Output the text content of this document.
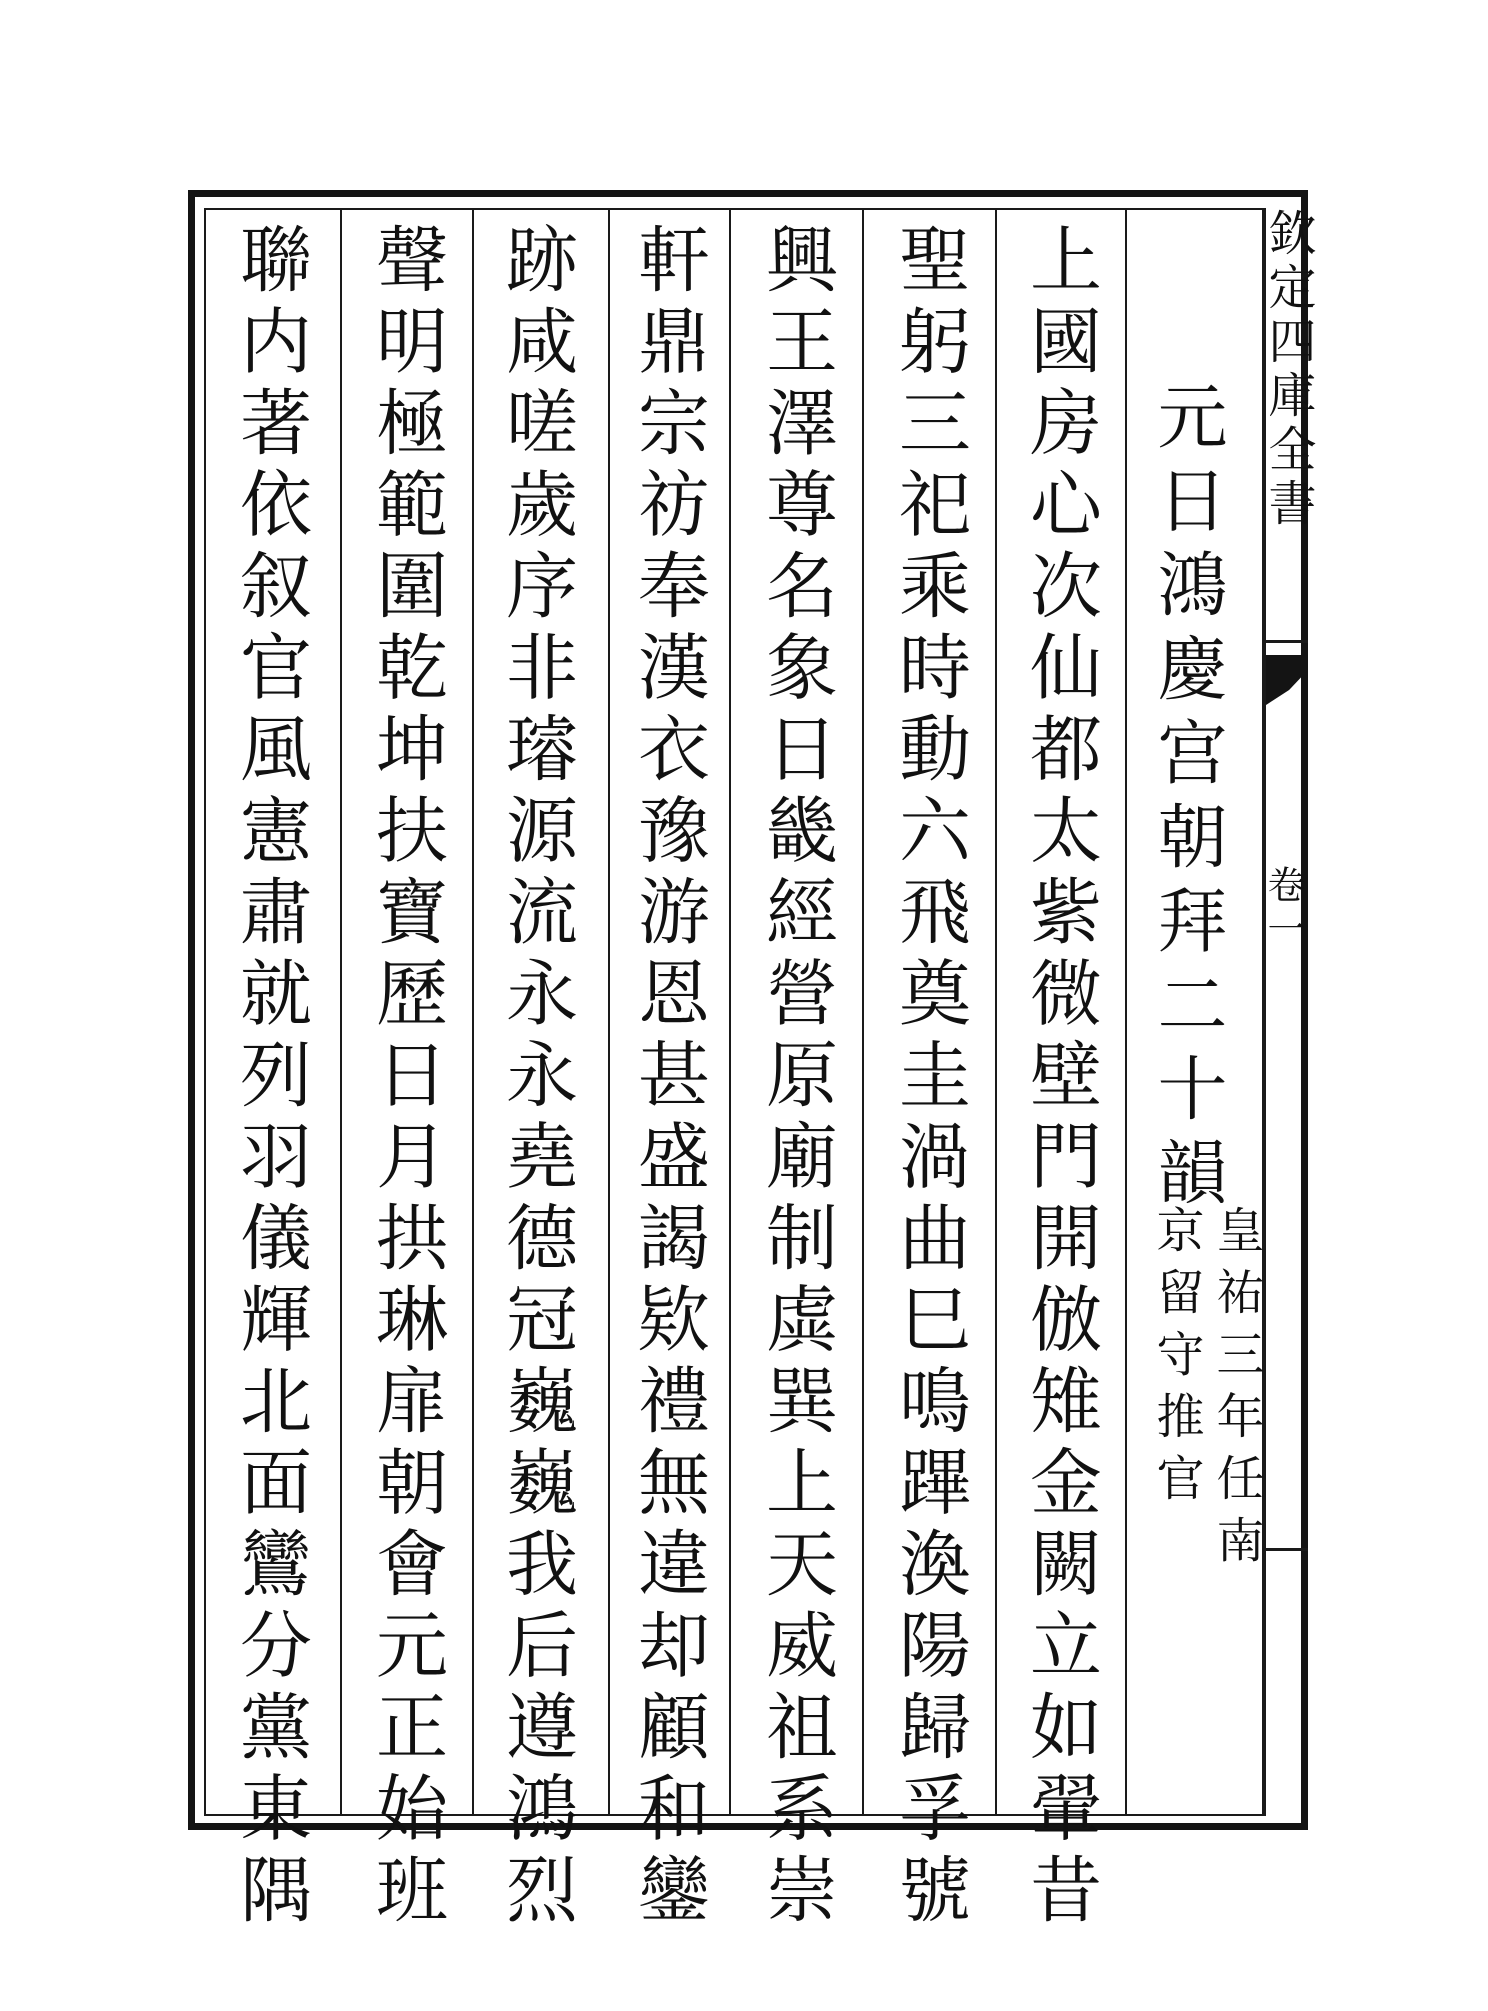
欽定四庫全書
卷一
元日鴻慶宫朝拜二十韻
皇祐三年任南
京留守推官
上國房心次仙都太紫微壁門開倣雉金闕立如翬昔
聖躬三祀乘時動六飛奠圭渦曲巳鳴蹕渙陽歸孚號
興王澤尊名象日畿經營原廟制虡巽上天威祖系崇
軒鼎宗祊奉漢衣豫游恩甚盛謁欵禮無違却顧和鑾
跡咸嗟歲序非璿源流永永堯德冠巍巍我后遵鴻烈
聲明極範圍乾坤扶寶歷日月拱琳扉朝會元正始班
聯内著依叙官風憲肅就列羽儀輝北面鸞分黨東隅
